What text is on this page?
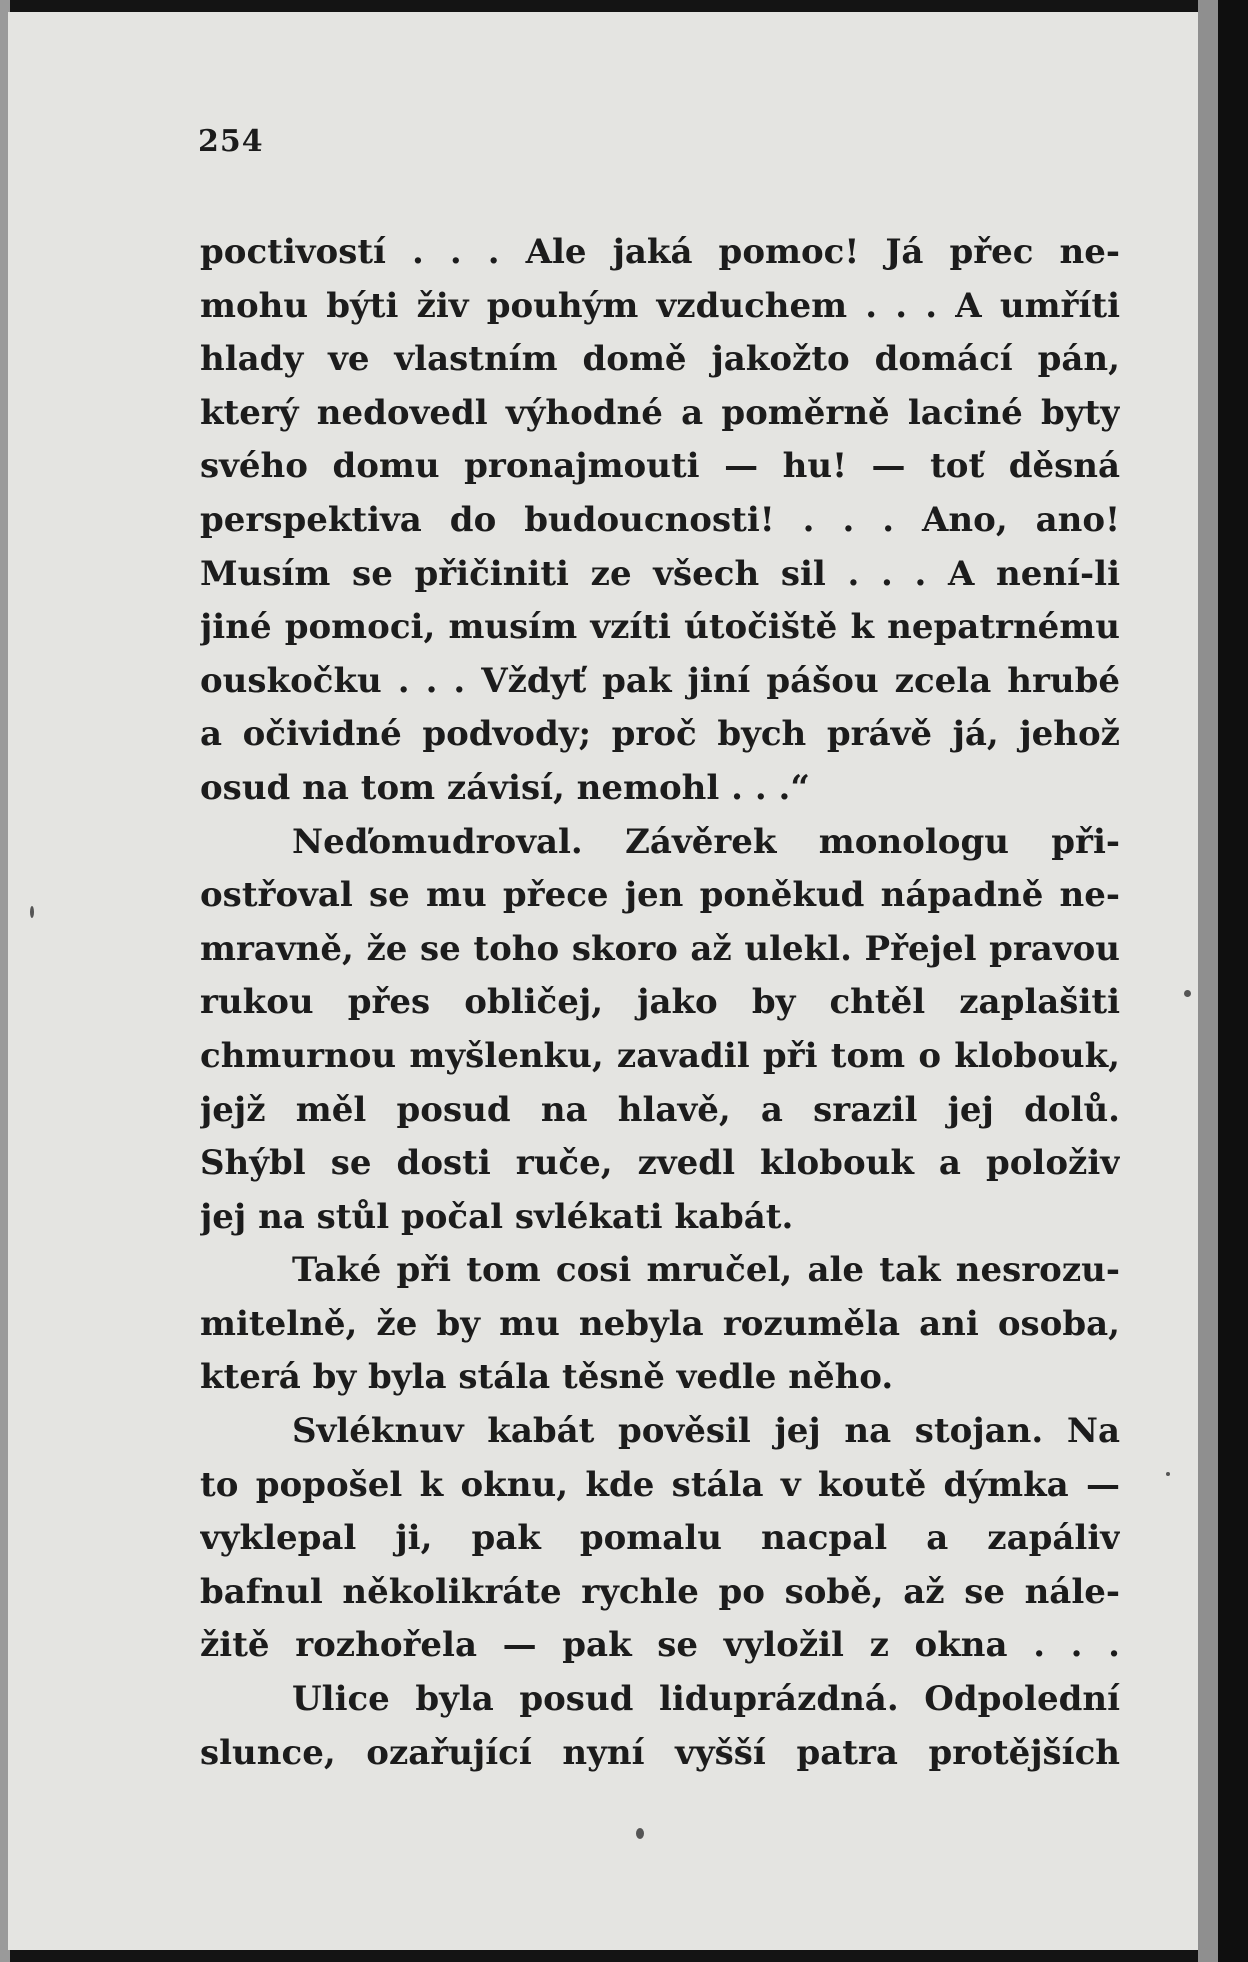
254
poctivostí . . . Ale jaká pomoc! Já přec ne-
mohu býti živ pouhým vzduchem . . . A umříti
hlady ve vlastním domě jakožto domácí pán,
který nedovedl výhodné a poměrně laciné byty
svého domu pronajmouti — hu! — toť děsná
perspektiva do budoucnosti! . . . Ano, ano!
Musím se přičiniti ze všech sil . . . A není-li
jiné pomoci, musím vzíti útočiště k nepatrnému
ouskočku . . . Vždyť pak jiní pášou zcela hrubé
a očividné podvody; proč bych právě já, jehož
osud na tom závisí, nemohl . . .“
Neďomudroval. Závěrek monologu při-
ostřoval se mu přece jen poněkud nápadně ne-
mravně, že se toho skoro až ulekl. Přejel pravou
rukou přes obličej, jako by chtěl zaplašiti
chmurnou myšlenku, zavadil při tom o klobouk,
jejž měl posud na hlavě, a srazil jej dolů.
Shýbl se dosti ruče, zvedl klobouk a položiv
jej na stůl počal svlékati kabát.
Také při tom cosi mručel, ale tak nesrozu-
mitelně, že by mu nebyla rozuměla ani osoba,
která by byla stála těsně vedle něho.
Svléknuv kabát pověsil jej na stojan. Na
to popošel k oknu, kde stála v koutě dýmka —
vyklepal ji, pak pomalu nacpal a zapáliv
bafnul několikráte rychle po sobě, až se nále-
žitě rozhořela — pak se vyložil z okna . . .
Ulice byla posud liduprázdná. Odpolední
slunce, ozařující nyní vyšší patra protějších
